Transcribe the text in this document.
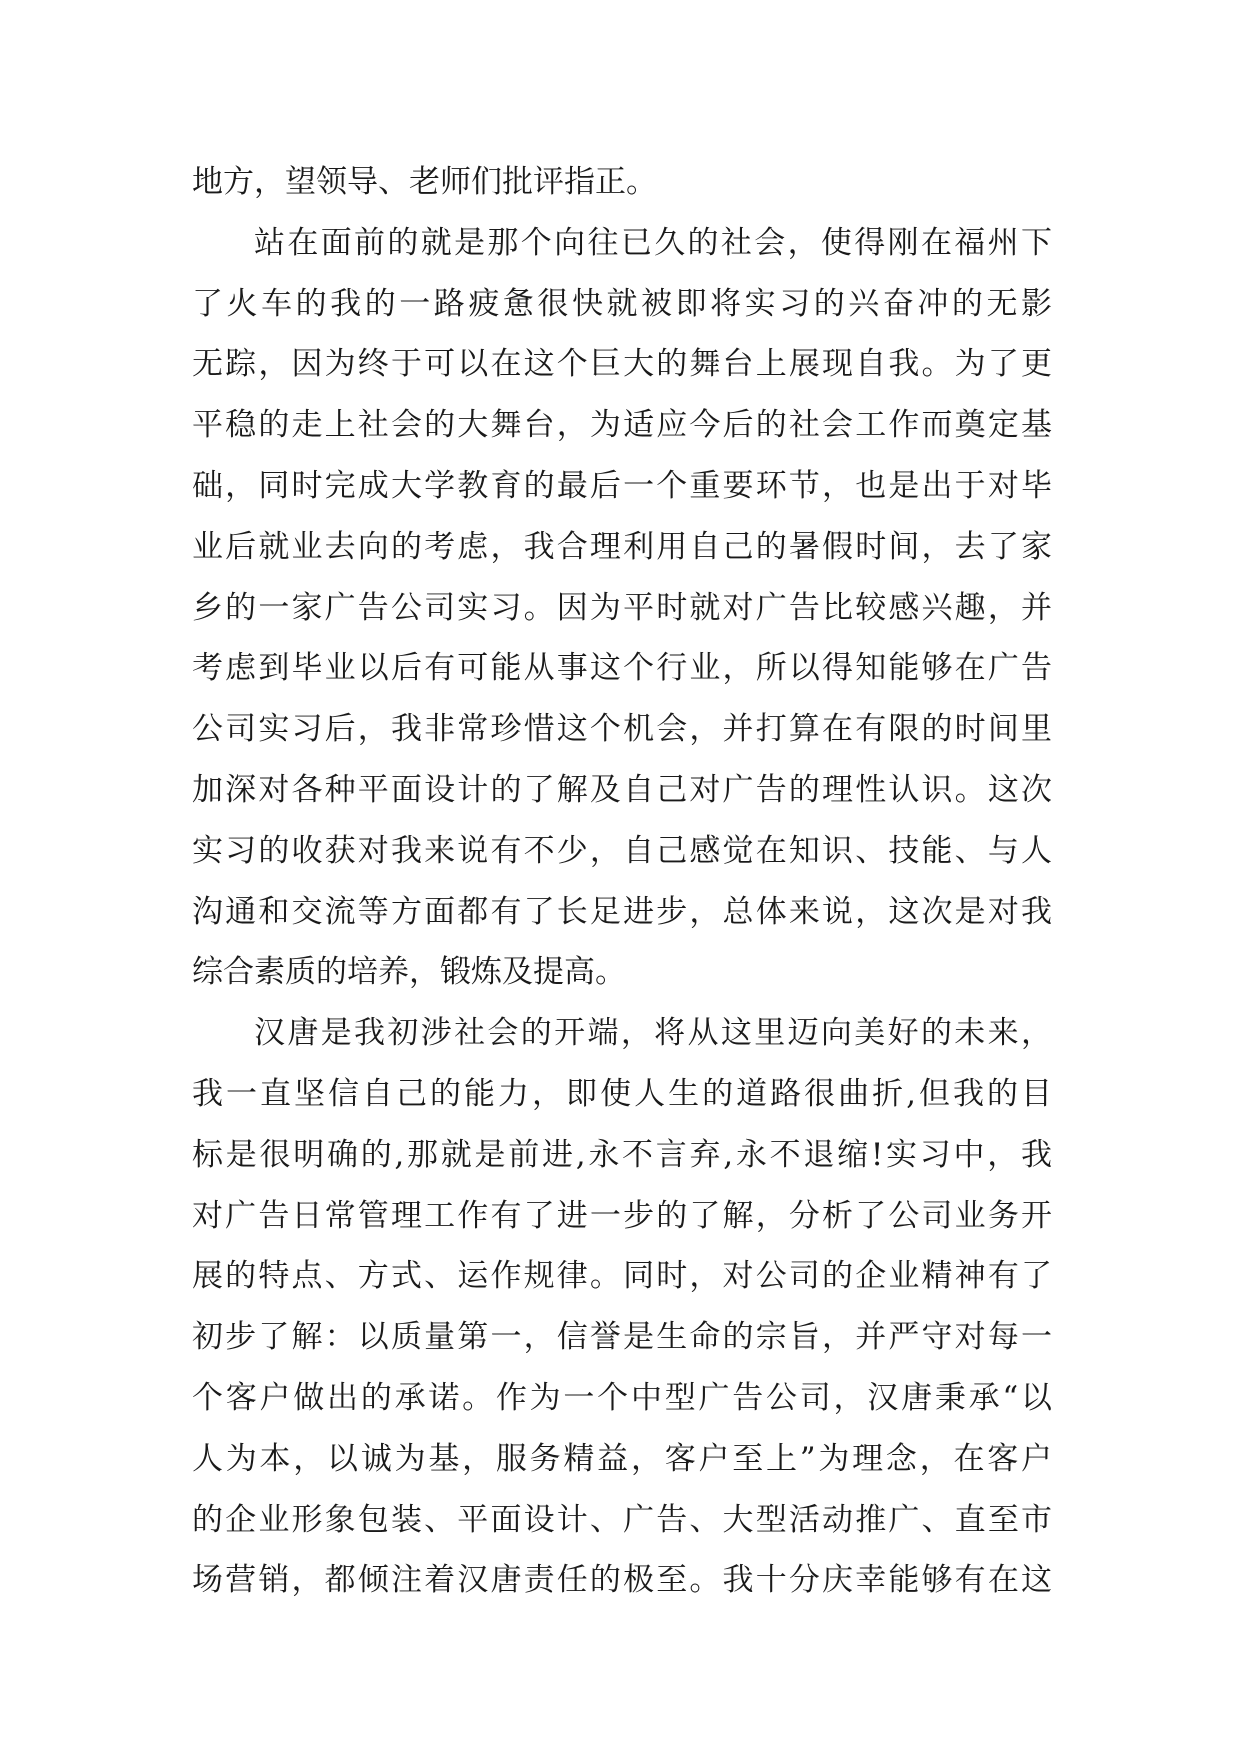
地方，望领导、老师们批评指正。
站在面前的就是那个向往已久的社会，使得刚在福州下
了火车的我的一路疲惫很快就被即将实习的兴奋冲的无影
无踪，因为终于可以在这个巨大的舞台上展现自我。为了更
平稳的走上社会的大舞台，为适应今后的社会工作而奠定基
础，同时完成大学教育的最后一个重要环节，也是出于对毕
业后就业去向的考虑，我合理利用自己的暑假时间，去了家
乡的一家广告公司实习。因为平时就对广告比较感兴趣，并
考虑到毕业以后有可能从事这个行业，所以得知能够在广告
公司实习后，我非常珍惜这个机会，并打算在有限的时间里
加深对各种平面设计的了解及自己对广告的理性认识。这次
实习的收获对我来说有不少，自己感觉在知识、技能、与人
沟通和交流等方面都有了长足进步，总体来说，这次是对我
综合素质的培养，锻炼及提高。
汉唐是我初涉社会的开端，将从这里迈向美好的未来，
我一直坚信自己的能力，即使人生的道路很曲折,但我的目
标是很明确的,那就是前进,永不言弃,永不退缩!实习中，我
对广告日常管理工作有了进一步的了解，分析了公司业务开
展的特点、方式、运作规律。同时，对公司的企业精神有了
初步了解：以质量第一，信誉是生命的宗旨，并严守对每一
个客户做出的承诺。作为一个中型广告公司，汉唐秉承“以
人为本，以诚为基，服务精益，客户至上”为理念，在客户
的企业形象包装、平面设计、广告、大型活动推广、直至市
场营销，都倾注着汉唐责任的极至。我十分庆幸能够有在这
